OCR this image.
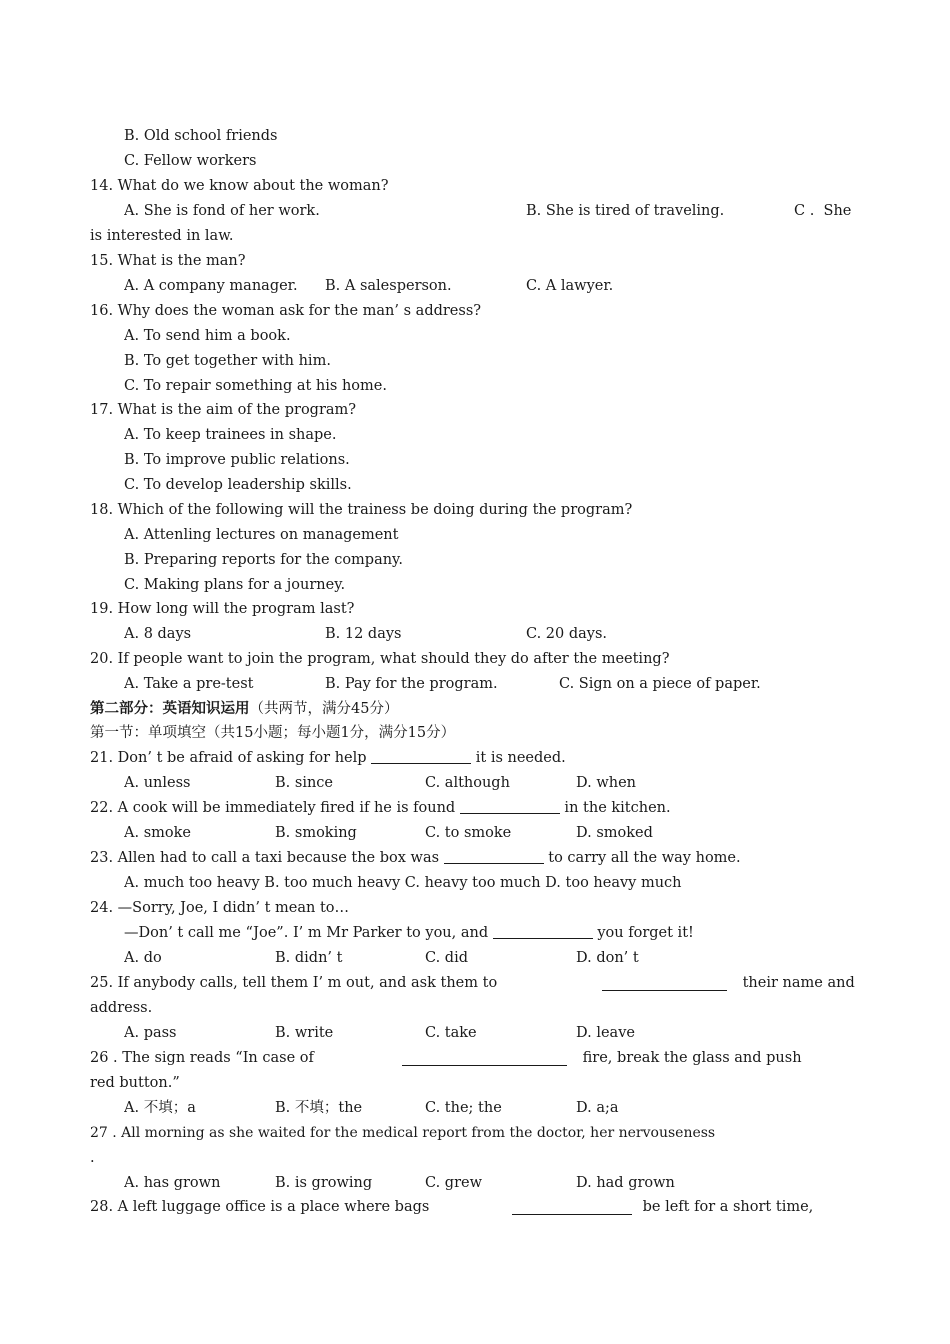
B. Old school friends
C. Fellow workers
14. What do we know about the woman?

A. She is fond of her work.

	B. She is tired of traveling.

	C .  She

is interested in law.
15. What is the man?

A. A company manager.

B. A salesperson.

	C. A lawyer.

16. Why does the woman ask for the man’ s address?
A. To send him a book.
B. To get together with him.
C. To repair something at his home.
17. What is the aim of the program?
A. To keep trainees in shape.
B. To improve public relations.
C. To develop leadership skills.
18. Which of the following will the trainess be doing during the program?
A. Attenling lectures on management
B. Preparing reports for the company.
C. Making plans for a journey.
19. How long will the program last?

A. 8 days

	B. 12 days

	C. 20 days.

20. If people want to join the program, what should they do after the meeting?

A. Take a pre-test

	B. Pay for the program.

	C. Sign on a piece of paper.

第二部分：英语知识运用（共两节，满分45分）
第一节：单项填空（共15小题；每小题1分，满分15分）
21. Don’ t be afraid of asking for help	it is needed.

A. unless

	B. since

	C. although

	D. when

22. A cook will be immediately fired if he is found	in the kitchen.

A. smoke

	B. smoking

	C. to smoke

	D. smoked

23. Allen had to call a taxi because the box was	to carry all the way home.
A. much too heavy B. too much heavy C. heavy too much D. too heavy much
24. —Sorry, Joe, I didn’ t mean to…
—Don’ t call me “Joe”. I’ m Mr Parker to you, and	you forget it!

A. do

	B. didn’ t

	C. did

	D. don’ t

25. If anybody calls, tell them I’ m out, and ask them to

	their name and

address.

A. pass

	B. write

	C. take

	D. leave

26 . The sign reads “In case of

	fire, break the glass and push

red button.”

A. 不填；a

	B. 不填；the

	C. the; the

	D. a;a

27 . All morning as she waited for the medical report from the doctor, her nervouseness
.

A. has grown

	B. is growing

	C. grew

	D. had grown

28. A left luggage office is a place where bags

	be left for a short time,
